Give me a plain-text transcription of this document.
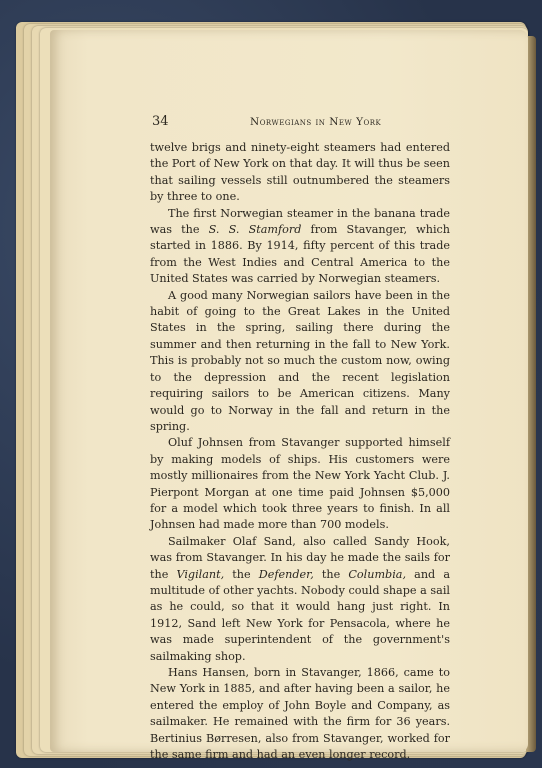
34	Norwegians in New York

twelve brigs and ninety-eight steamers had entered the Port of New York on that day. It will thus be seen that sailing vessels still outnumbered the steamers by three to one.

The first Norwegian steamer in the banana trade was the S. S. Stamford from Stavanger, which started in 1886. By 1914, fifty percent of this trade from the West Indies and Central America to the United States was carried by Norwegian steamers.

A good many Norwegian sailors have been in the habit of going to the Great Lakes in the United States in the spring, sailing there during the summer and then returning in the fall to New York. This is probably not so much the custom now, owing to the depression and the recent legislation requiring sailors to be American citizens. Many would go to Norway in the fall and return in the spring.

Oluf Johnsen from Stavanger supported himself by making models of ships. His customers were mostly millionaires from the New York Yacht Club. J. Pierpont Morgan at one time paid Johnsen $5,000 for a model which took three years to finish. In all Johnsen had made more than 700 models.

Sailmaker Olaf Sand, also called Sandy Hook, was from Stavanger. In his day he made the sails for the Vigilant, the Defender, the Columbia, and a multitude of other yachts. Nobody could shape a sail as he could, so that it would hang just right. In 1912, Sand left New York for Pensacola, where he was made superintendent of the government's sailmaking shop.

Hans Hansen, born in Stavanger, 1866, came to New York in 1885, and after having been a sailor, he entered the employ of John Boyle and Company, as sailmaker. He remained with the firm for 36 years. Bertinius Børresen, also from Stavanger, worked for the same firm and had an even longer record.
